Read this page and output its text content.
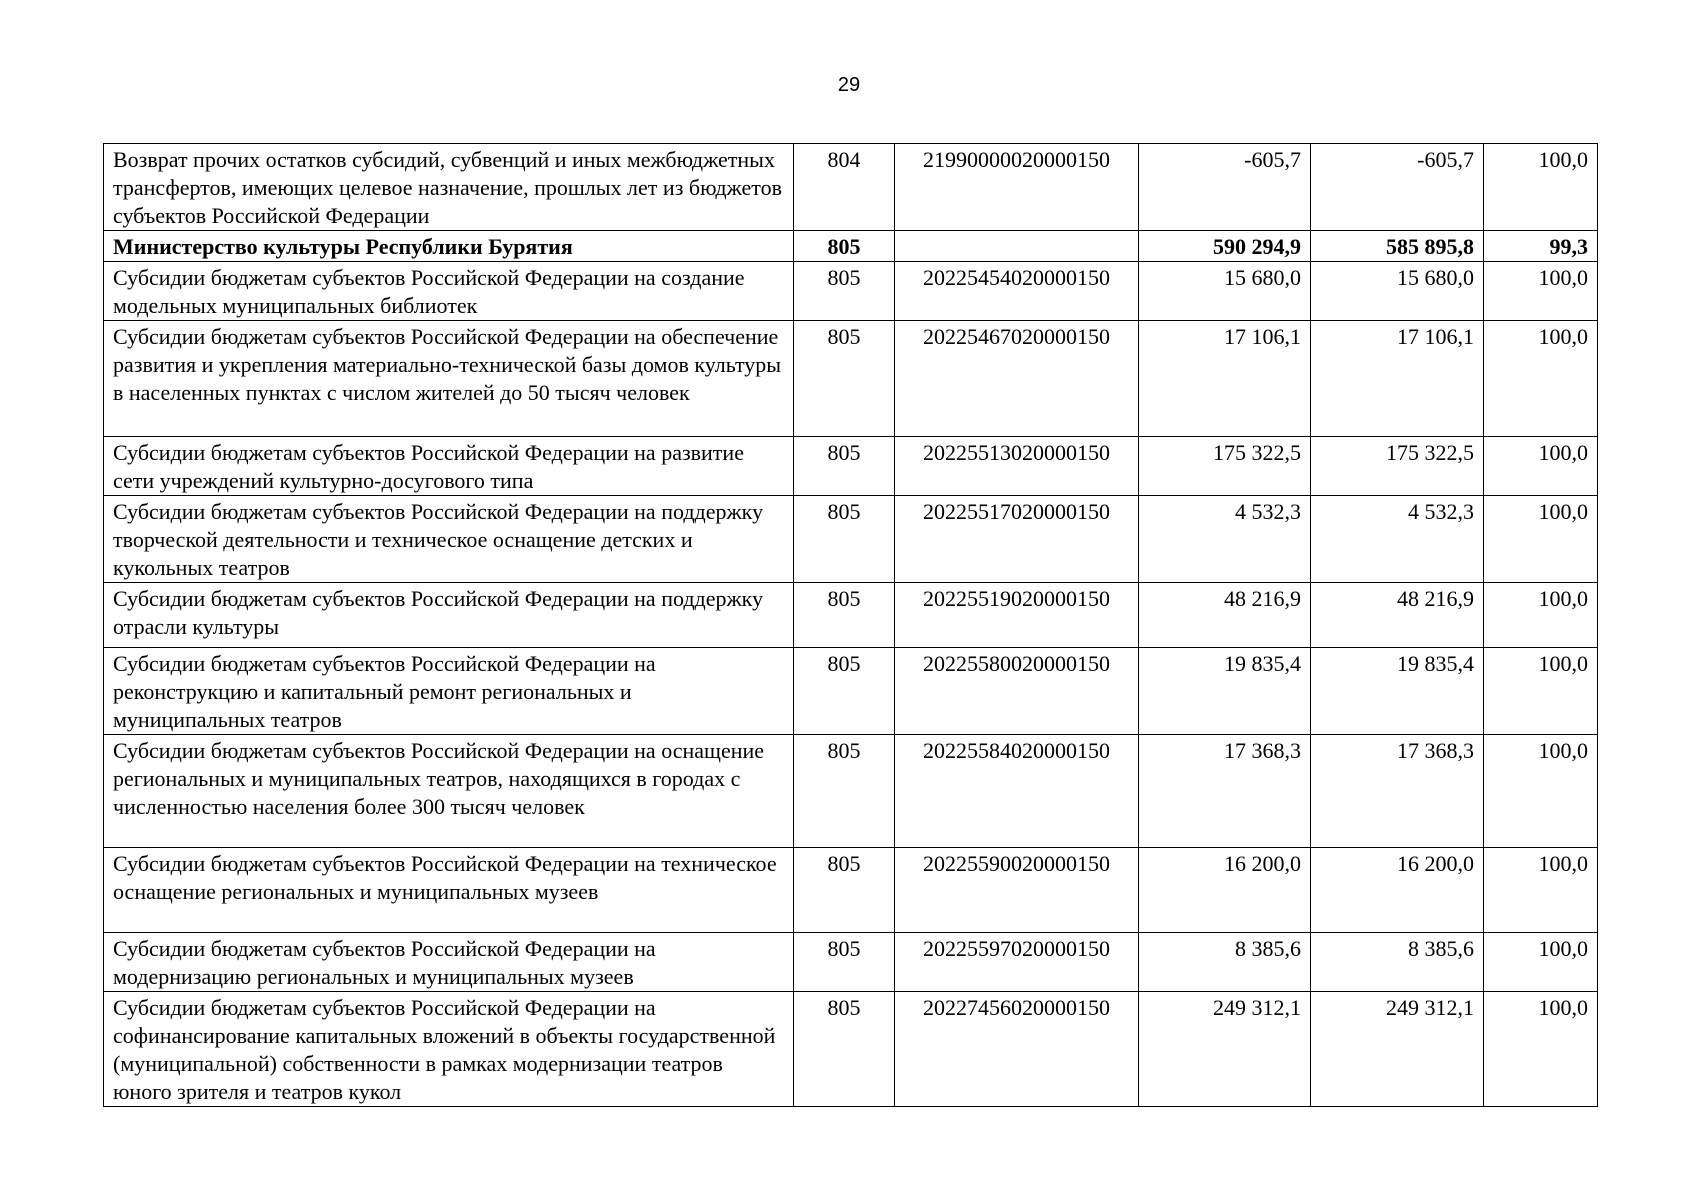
29
Возврат прочих остатков субсидий, субвенций и иных межбюджетных трансфертов, имеющих целевое назначение, прошлых лет из бюджетов субъектов Российской Федерации	804	21990000020000150	-605,7	-605,7	100,0
Министерство культуры Республики Бурятия	805		590 294,9	585 895,8	99,3
Субсидии бюджетам субъектов Российской Федерации на создание модельных муниципальных библиотек	805	20225454020000150	15 680,0	15 680,0	100,0
Субсидии бюджетам субъектов Российской Федерации на обеспечение развития и укрепления материально-технической базы домов культуры в населенных пунктах с числом жителей до 50 тысяч человек	805	20225467020000150	17 106,1	17 106,1	100,0
Субсидии бюджетам субъектов Российской Федерации на развитие сети учреждений культурно-досугового типа	805	20225513020000150	175 322,5	175 322,5	100,0
Субсидии бюджетам субъектов Российской Федерации на поддержку творческой деятельности и техническое оснащение детских и кукольных театров	805	20225517020000150	4 532,3	4 532,3	100,0
Субсидии бюджетам субъектов Российской Федерации на поддержку отрасли культуры	805	20225519020000150	48 216,9	48 216,9	100,0
Субсидии бюджетам субъектов Российской Федерации на реконструкцию и капитальный ремонт региональных и муниципальных театров	805	20225580020000150	19 835,4	19 835,4	100,0
Субсидии бюджетам субъектов Российской Федерации на оснащение региональных и муниципальных театров, находящихся в городах с численностью населения более 300 тысяч человек	805	20225584020000150	17 368,3	17 368,3	100,0
Субсидии бюджетам субъектов Российской Федерации на техническое оснащение региональных и муниципальных музеев	805	20225590020000150	16 200,0	16 200,0	100,0
Субсидии бюджетам субъектов Российской Федерации на модернизацию региональных и муниципальных музеев	805	20225597020000150	8 385,6	8 385,6	100,0
Субсидии бюджетам субъектов Российской Федерации на софинансирование капитальных вложений в объекты государственной (муниципальной) собственности в рамках модернизации театров юного зрителя и театров кукол	805	20227456020000150	249 312,1	249 312,1	100,0
